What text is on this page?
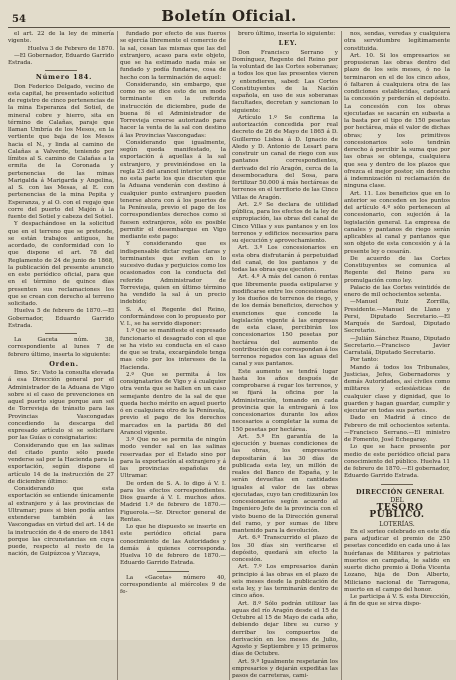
54	Boletín Oficial.

el art. 22 de la ley de minería vigente.

Huelva 3 de Febrero de 1870.

—El Gobernador, Eduardo Garrido Estrada.

Número 184.

Don Federico Delgado, vecino de esta capital, he presentado solicitud de registro de cinco pertenencias de la mina Esperanza del Sotiel, de mineral cobre y hierro, sita en término de Calañas, paraje que llaman Umbría de los Mesos, en la vertiente que baja de los Mesos hacia el N., y linda al camino de Calañas a Valverde, teniendo por límites al S. camino de Calañas a la ermita de la Coronada y pertenencias de las minas Marigalda á Marigarda y Angelina, al S. con las Mesas, al E. con pertenencias de la mina Pepita y Esperanza, y al O. con el regajo que corre del puerto del Majón á la fuente del Sotiel y cabeza del Sotiel.

Y despachándose en la solicitud que en el terreno que se pretende, se están trabajos antiguos, he acordado, de conformidad con lo que dispone el art. 78 del Reglamento de 24 de junio de 1868, la publicación del presente anuncio en este periódico oficial, para que en el término de quince días presenten sus reclamaciones los que se crean con derecho al terreno solicitado.

Huelva 5 de febrero de 1870.—El Gobernador, Eduardo Garrido Estrada.

La Gaceta núm. 38, correspondiente al lunes 7 de febrero último, inserta lo siguiente:

Orden.

Ilmo. Sr.: Visto la consulta elevada á esa Dirección general por el Administrador de la Aduana de Vigo sobre si el caso de prevenciones en aquel puerto sigue porque aun sol de Torrevieja de tránsito para las Provincias Vascongadas concediendo la descarga del expresado artículo si se solicitare por las Guías o consignatarios:

Considerando que en las salinas del citado punto sólo puede venderse sal por la Hacienda para la exportación, según dispone el artículo 14 de la instrucción de 27 de diciembre último:

Considerando que esta exportación se entiende únicamente al extranjero y á las provincias de Ultramar; pues si bien podía antes extenderse también á las Vascongadas en virtud del art. 14 de la instrucción de 4 de enero de 1841 porque las circunstancias en cuya puede, respecto al resto de la nación, de Guipúzcoa y Vizcaya,

fundado por efecto de sus fueros se ejercía libremente el comercio de la sal, cesan las mismas que las del extranjero, acaso para este objeto, que se ha estimado nada más se fundado y podía fundarse, cosa de hecho con la terminación de aquel:

Considerando, sin embargo, que como no se dice esto de un modo terminante en la referida instrucción de diciembre, pude de buena fé el Administrador de Torrevieja creerse autorizado para hacer la venta de la sal con destino á las Provincias Vascongadas:

Considerando que igualmente, según queda manifestado, la exportación á aquellas á la sal extranjero, y previniéndose en la regla 23 del arancel interior vigente no esta parte los que discuten que la Aduana venderán con destino á cualquier punto extranjero pueden tenerse ahora con á los puertos de la Península, previo el pago de los correspondientes derechos como si fuesen extranjeros, sólo es posible permitir el desembarque en Vigo mediante este pago:

Y considerando que es indispensable dictar reglas claras y terminantes que eviten en lo sucesivo dudas y perjuicios como los ocasionados con la conducta del referido Administrador de Torrevieja, quien en último término ha vendido la sal á un precio indebido;

S. A. el Regente del Reino, conformándose con lo propuesto por V. I., se ha servido disponer:

1.º Que se manifieste el expresado funcionario el desagrado con el que se ha visto su conducta en el caso de que se trata, excargándole tenga mas celo por los intereses de la Hacienda.

2.º Que se permita á los consignatarios de Vigo y á cualquier otra venta que se hallen en un caso semejante dentro de la sal de que queda hecho mérito en aquel puerto ó en cualquiera otro de la Península, previo el pago de los derechos marcados en la partida 86 del Arancel vigente.

3.º Que no se permita de ningún modo vender sal en las salinas reservadas por el Estado sino por para la exportación al extranjero y á las provincias españolas de Ultramar.

De orden de S. A. lo digo á V. I. para los efectos correspondientes. Dios guarde á V. I. muchos años. Madrid 1.º de febrero de 1870.—Figuerola.—Sr. Director general de Rentas.

Lo que he dispuesto se inserte en este periódico oficial para conocimiento de las Autoridades y demás á quienes corresponda. Huelva 10 de febrero de 1870.—Eduardo Garrido Estrada.

La «Gaceta» número 40, correspondiente al miércoles 9 de fe-

brero último, inserta lo siguiente:

LEY.

Don Francisco Serrano y Domínguez, Regente del Reino por la voluntad de las Cortes soberanas; a todos los que las presentes vieren y entendieren, sabed: Las Cortes Constituyentes de la Nación española, en uso de sus soberanas facultades, decretan y sancionan lo siguiente:

Artículo 1.º Se confirma la autorización concedida por real decreto de 26 de Mayo de 1865 á D. Guillermo Lisboa á D. Ignacio de Aledo y D. Antonio de Lesart para construir un canal de riego con sus pantanos correspondientes, derivado del río Aragón, cerca de la desembocadura del Sosa, para fertilizar 50.000 á más hectáreas de terrenos en el territorio de las Cinco Villas de Aragón.

Art. 2.º Se declara de utilidad pública, para los efectos de la ley de expropiación, las obras del canal de Cinco Villas y sus pantanos y en los terrenos y edificios necesarios para su ejecución y aprovechamiento.

Art. 3.º Los concesionarios en esta obra disfrutarán á perpetuidad del canal, de los pantanos y de todas las obras que ejecuten.

Art. 4.º A más del canon ó rentas que libremente pueda estipularse y modificarse entre los concesionarios y los dueños de terrenos de riego, y de los demás beneficios, derechos y exenciones que concede la legislación vigente á las empresas de esta clase, percibirán los concesionarios 150 pesetas por hectárea del aumento de contribución que correspondan á los terrenos regados con las aguas del canal y sus pantanos.

Este aumento se tendrá lugar hasta los años después de comprobarse á regar los terrenos, y se fijará la oficina por la Administración, tomando en cada provincia que la entregará á los concesionarios durante los años necesarios a completar la suma de 150 pesetas por hectárea.

Art. 5.º En garantía de la ejecución y buenas condiciones de las obras, los empresarios depositarán á las 30 días de publicada esta ley, un millón de reales del Banco de España, y le serán devueltas en cantidades iguales al valor de las obras ejecutadas, cuyo tan creditizarán los concesionarios según acuerdo al Ingeniero Jefe de la provincia con el visto bueno de la Dirección general del ramo, y por sumas de libre mantenido para la devolución.

Art. 6.º Transcurrido el plazo de los 30 días sin verificarse el depósito, quedará sin efecto la concesión.

Art. 7.º Los empresarios darán principio á las obras en el plazo de seis meses desde la publicación de esta ley, y las terminarán dentro de cinco años.

Art. 8.º Sólo podrán utilizar las aguas del río Aragón desde el 15 de Octubre al 15 de Mayo de cada año, debiendo dejar libre su curso y derribar los compuertos de derivación en los meses de Julio, Agosto y Septiembre y 15 primeros días de Octubre.

Art. 9.º Igualmente respetarán los empresarios y dejarán expeditas las pasos de carreteras, cami-

nos, sendas, veredas y cualquiera otra servidumbre legítimamente constituida.

Art. 10. Si los empresarios se propusieran las obras dentro del plazo de los seis meses, ó no la terminaron en el de los cinco años, ó faltaren á cualquiera otra de las condiciones establecidas, caducará la concesión y perderán el depósito. La concesión con los obras ejecutadas se sacarán en subasta a la basta por el tipo de 150 pesetas por hectárea, más el valor de dichas obras; y los primitivos concesionarios solo tendrán derecho á percibir la suma que por las obras se obtenga, cualquiera que sea y dentro de los plazos que ofrezca el mejor postor, sin derecho á indemnización ni reclamación de ninguna clase.

Art. 11. Los beneficios que en lo anterior se conceden en los puntos del artículo 4.º sólo pertenecen al concesionario, con sujeción á la legislación general. La empresa de canales y pantanos de riego serán aplicables al canal y pantanos que son objeto de esta concesión y á la presente ley o cesarán.

De acuerdo de las Cortes Constituyentes se comunica al Regente del Reino para su promulgación como ley.

Palacio de las Cortes veintidós de enero de mil ochocientos setenta.

—Manuel Ruiz Zorrilla, Presidente.—Manuel de Llano y Persi, Diputado Secretario.—El Marqués de Sardoal, Diputado Secretario.

—Julián Sánchez Ruano, Diputado Secretario.—Francisco Javier Carratalá, Diputado Secretario.

Por tanto:

Mando á todos los Tribunales, Justicias, Jefes, Gobernadores y demás Autoridades, así civiles como militares y eclesiásticas de cualquier clase y dignidad, que lo guarden y hagan guardar, cumplir y ejecutar en todas sus partes.

Dado en Madrid á cinco de Febrero de mil ochocientos setenta.—Francisco Serrano.—El ministro de Fomento, José Echegaray.

Lo que se hace presente por medio de este periódico oficial para conocimiento del público. Huelva 11 de febrero de 1870.—El gobernador, Eduardo Garrido Estrada.

DIRECCIÓN GENERAL

DEL

TESORO PÚBLICO.

LOTERÍAS.

En el sorteo celebrado en este día para adjudicar el premio de 250 pesetas concedido en cada uno á las huérfanas de Militares y patriotas muertos en campaña, le salido en suerte dicho premio á Doña Vicenta Lozano, hija de Don Alberto, Miliciano nacional de Tarragona, muerto en el campo del honor.

Le participa á V. S. esta Dirección, á fin de que se sirva dispo-
